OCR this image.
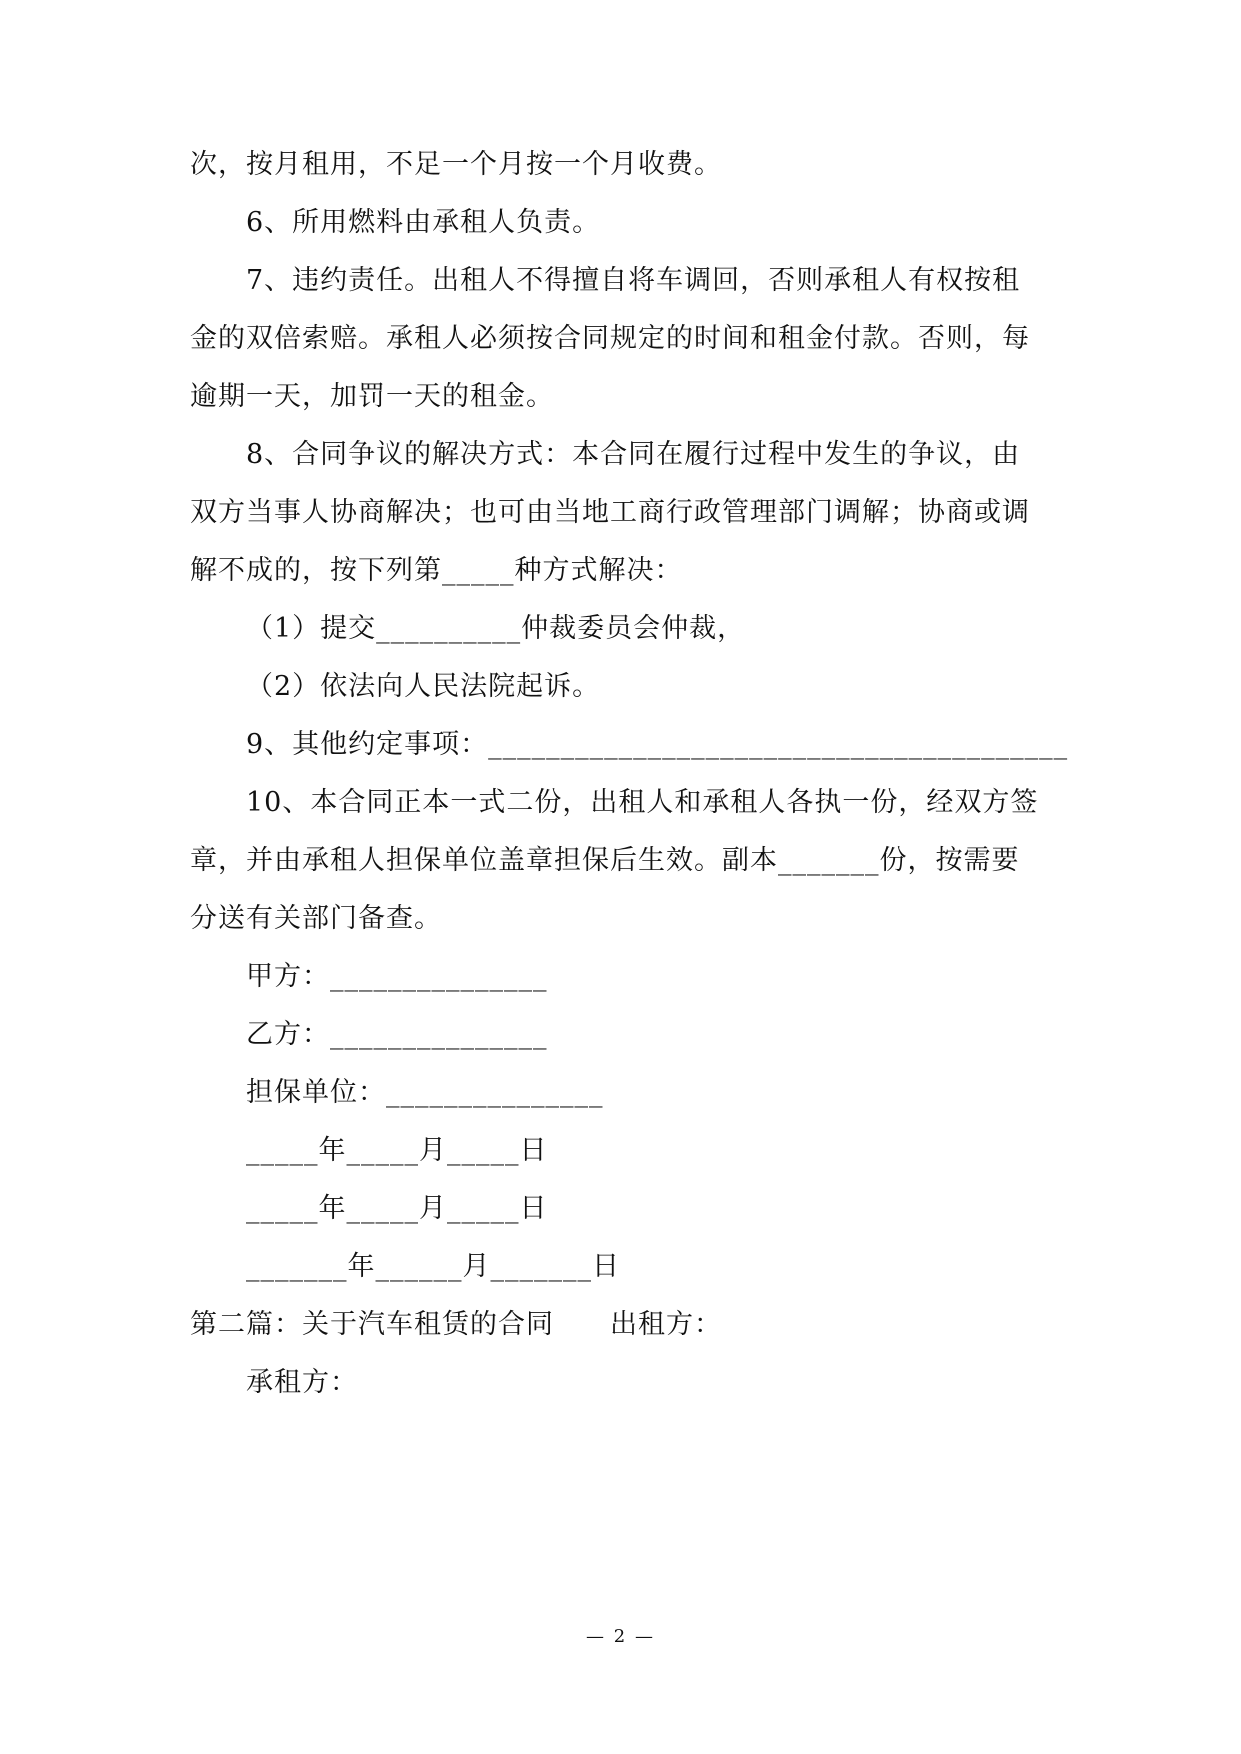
次，按月租用，不足一个月按一个月收费。
6、所用燃料由承租人负责。
7、违约责任。出租人不得擅自将车调回，否则承租人有权按租
金的双倍索赔。承租人必须按合同规定的时间和租金付款。否则，每
逾期一天，加罚一天的租金。
8、合同争议的解决方式：本合同在履行过程中发生的争议，由
双方当事人协商解决；也可由当地工商行政管理部门调解；协商或调
解不成的，按下列第_____种方式解决：
（1）提交__________仲裁委员会仲裁，
（2）依法向人民法院起诉。
9、其他约定事项：________________________________________
10、本合同正本一式二份，出租人和承租人各执一份，经双方签
章，并由承租人担保单位盖章担保后生效。副本_______份，按需要
分送有关部门备查。
甲方：_______________
乙方：_______________
担保单位：_______________
_____年_____月_____日
_____年_____月_____日
_______年______月_______日
第二篇：关于汽车租赁的合同　　出租方：
承租方：
— 2 —
